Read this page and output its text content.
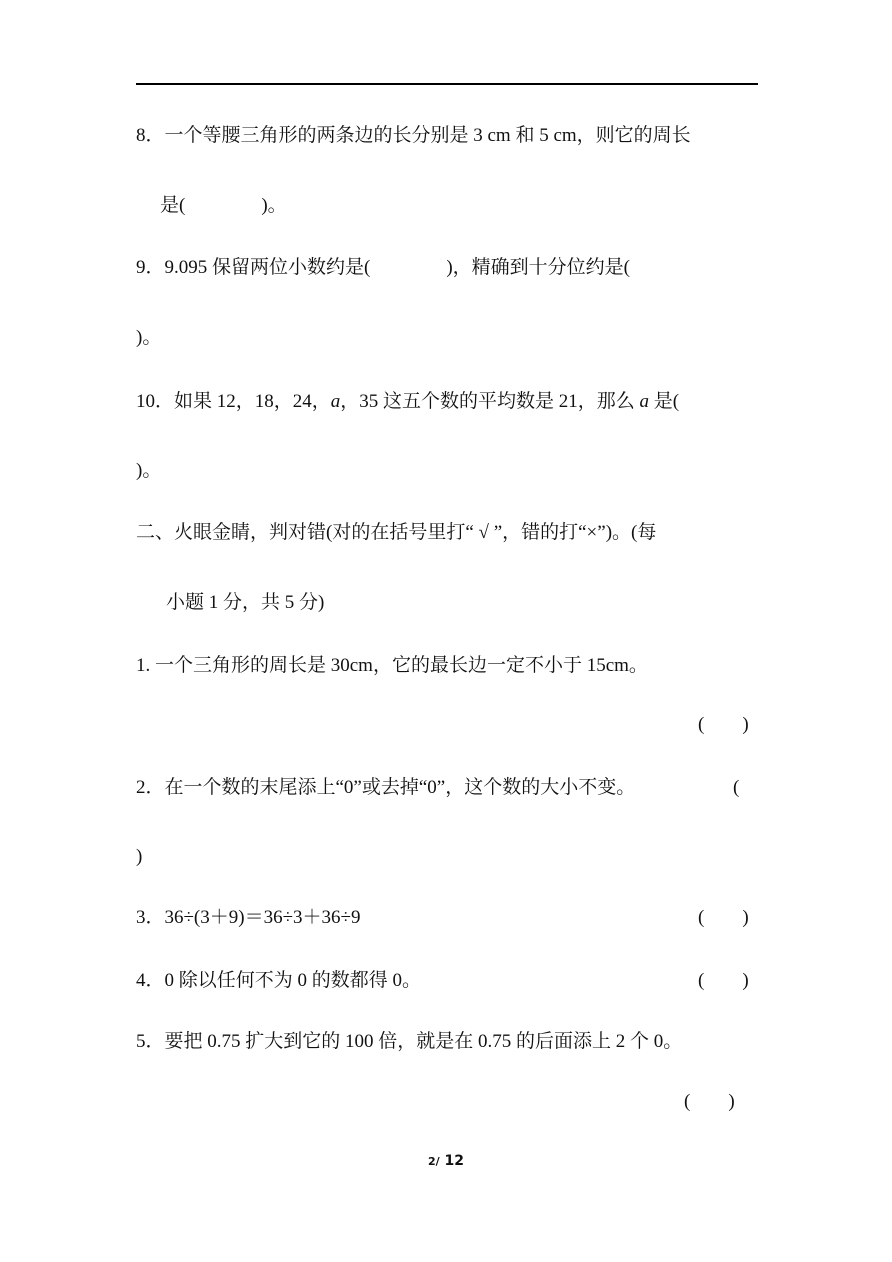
8．一个等腰三角形的两条边的长分别是 3 cm 和 5 cm，则它的周长
是(　　　　)。
9．9.095 保留两位小数约是(　　　　)，精确到十分位约是(
)。
10．如果 12，18，24，a，35 这五个数的平均数是 21，那么 a 是(
)。
二、火眼金睛，判对错(对的在括号里打“ √ ”，错的打“×”)。(每
小题 1 分，共 5 分)
1. 一个三角形的周长是 30cm，它的最长边一定不小于 15cm。
(　　)
2．在一个数的末尾添上“0”或去掉“0”，这个数的大小不变。	(
)
3．36÷(3＋9)＝36÷3＋36÷9	(　　)
4．0 除以任何不为 0 的数都得 0。	(　　)
5．要把 0.75 扩大到它的 100 倍，就是在 0.75 的后面添上 2 个 0。
(　　)
2/ 12
